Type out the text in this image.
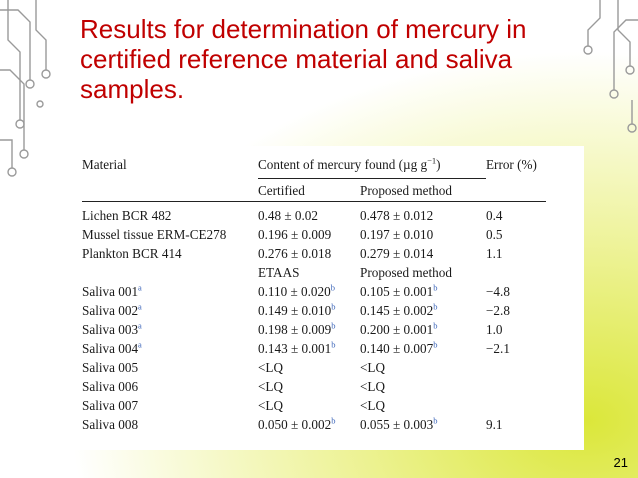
Results for determination of mercury in certified reference material and saliva samples.
Material	Content of mercury found (µg $g^{-1}$)		Error (%)
	Certified	Proposed method	
Lichen BCR 482	0.48 ± 0.02	0.478 ± 0.012	0.4
Mussel tissue ERM-CE278	0.196 ± 0.009	0.197 ± 0.010	0.5
Plankton BCR 414	0.276 ± 0.018	0.279 ± 0.014	1.1
	ETAAS	Proposed method	
Saliva 001$^a$	0.110 ± 0.020$^b$	0.105 ± 0.001$^b$	−4.8
Saliva 002$^a$	0.149 ± 0.010$^b$	0.145 ± 0.002$^b$	−2.8
Saliva 003$^a$	0.198 ± 0.009$^b$	0.200 ± 0.001$^b$	1.0
Saliva 004$^a$	0.143 ± 0.001$^b$	0.140 ± 0.007$^b$	−2.1
Saliva 005	<LQ	<LQ	
Saliva 006	<LQ	<LQ	
Saliva 007	<LQ	<LQ	
Saliva 008	0.050 ± 0.002$^b$	0.055 ± 0.003$^b$	9.1
21
